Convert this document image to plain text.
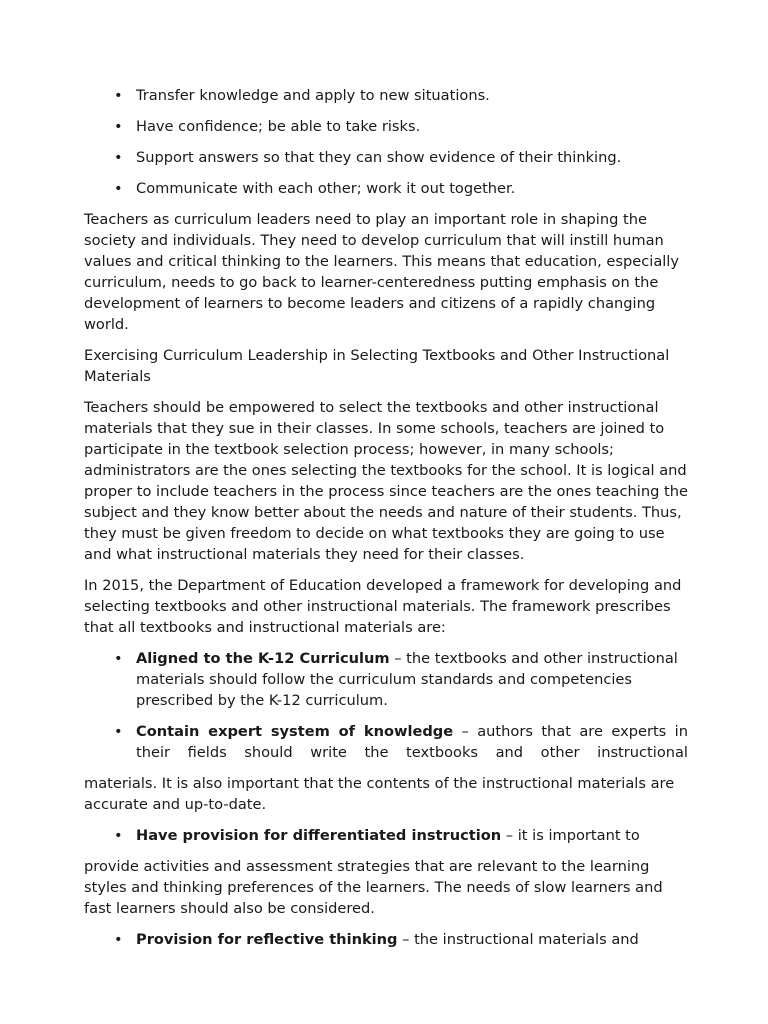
• Transfer knowledge and apply to new situations.
• Have confidence; be able to take risks.
• Support answers so that they can show evidence of their thinking.
• Communicate with each other; work it out together.

Teachers as curriculum leaders need to play an important role in shaping the society and individuals. They need to develop curriculum that will instill human values and critical thinking to the learners. This means that education, especially curriculum, needs to go back to learner-centeredness putting emphasis on the development of learners to become leaders and citizens of a rapidly changing world.

Exercising Curriculum Leadership in Selecting Textbooks and Other Instructional Materials

Teachers should be empowered to select the textbooks and other instructional materials that they sue in their classes. In some schools, teachers are joined to participate in the textbook selection process; however, in many schools; administrators are the ones selecting the textbooks for the school. It is logical and proper to include teachers in the process since teachers are the ones teaching the subject and they know better about the needs and nature of their students. Thus, they must be given freedom to decide on what textbooks they are going to use and what instructional materials they need for their classes.

In 2015, the Department of Education developed a framework for developing and selecting textbooks and other instructional materials. The framework prescribes that all textbooks and instructional materials are:

• Aligned to the K-12 Curriculum – the textbooks and other instructional materials should follow the curriculum standards and competencies prescribed by the K-12 curriculum.
• Contain expert system of knowledge – authors that are experts in their fields should write the textbooks and other instructional

materials. It is also important that the contents of the instructional materials are accurate and up-to-date.

• Have provision for differentiated instruction – it is important to

provide activities and assessment strategies that are relevant to the learning styles and thinking preferences of the learners. The needs of slow learners and fast learners should also be considered.

• Provision for reflective thinking – the instructional materials and
